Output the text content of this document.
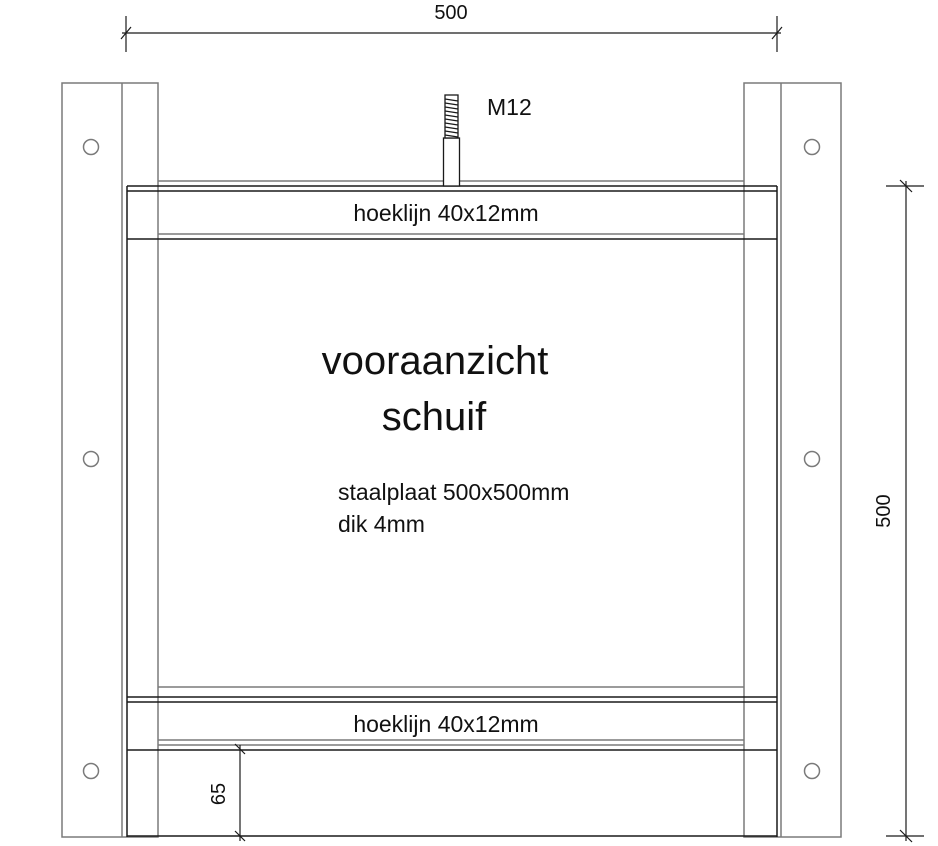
500
hoeklijn 40x12mm
M12
vooraanzicht
schuif
staalplaat 500x500mm
dik 4mm
hoeklijn 40x12mm
65
500
